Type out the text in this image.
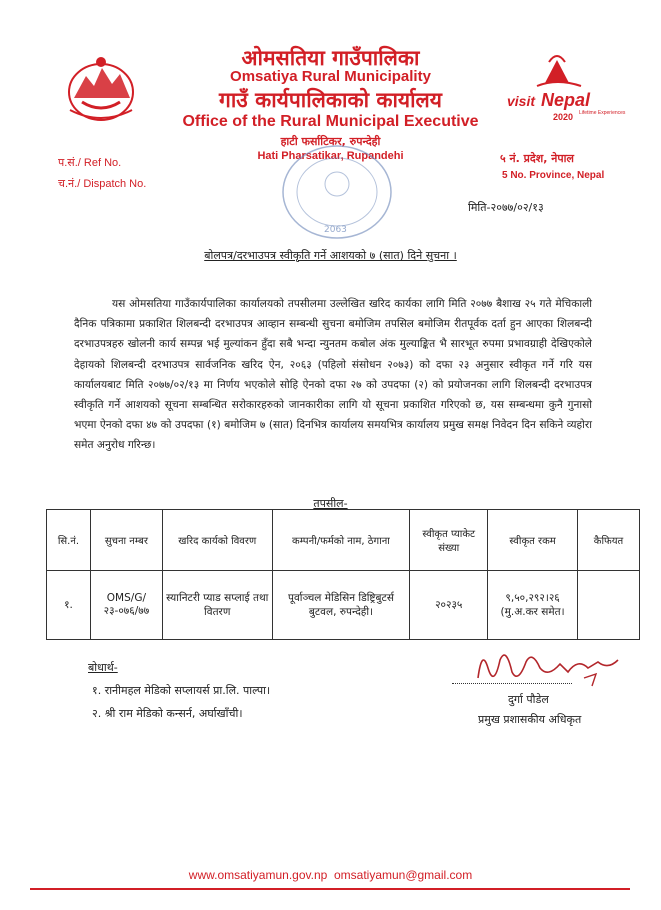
ओमसतिया गाउँपालिका
Omsatiya Rural Municipality
गाउँ कार्यपालिकाको कार्यालय
Office of the Rural Municipal Executive
हाटी फर्साटिकर, रुपन्देही
Hati Pharsatikar, Rupandehi
visit Nepal
2020 Lifetime Experiences
प.सं./ Ref No.
च.नं./ Dispatch No.
५ नं. प्रदेश, नेपाल
5 No. Province, Nepal
2063
मिति-२०७७/०२/१३
बोलपत्र/दरभाउपत्र स्वीकृति गर्ने आशयको ७ (सात) दिने सुचना ।
यस ओमसतिया गाउँकार्यपालिका कार्यालयको तपसीलमा उल्लेखित खरिद कार्यका लागि मिति २०७७ बैशाख २५ गते मेचिकाली दैनिक पत्रिकामा प्रकाशित शिलबन्दी दरभाउपत्र आव्हान सम्बन्धी सुचना बमोजिम तपसिल बमोजिम रीतपूर्वक दर्ता हुन आएका शिलबन्दी दरभाउपत्रहरु खोलनी कार्य सम्पन्न भई मुल्यांकन हुँदा सबै भन्दा न्युनतम कबोल अंक मुल्याङ्कित भै सारभूत रुपमा प्रभावग्राही देखिएकोले देहायको शिलबन्दी दरभाउपत्र सार्वजनिक खरिद ऐन, २०६३ (पहिलो संसोधन २०७३) को दफा २३ अनुसार स्वीकृत गर्ने गरि यस कार्यालयबाट मिति २०७७/०२/१३ मा निर्णय भएकोले सोहि ऐनको दफा २७ को उपदफा (२) को प्रयोजनका लागि शिलबन्दी दरभाउपत्र स्वीकृति गर्ने आशयको सूचना सम्बन्धित सरोकारहरुको जानकारीका लागि यो सूचना प्रकाशित गरिएको छ, यस सम्बन्धमा कुनै गुनासो भएमा ऐनको दफा ४७ को उपदफा (१) बमोजिम ७ (सात) दिनभित्र कार्यालय समयभित्र कार्यालय प्रमुख समक्ष निवेदन दिन सकिने व्यहोरा समेत अनुरोध गरिन्छ।
तपसील-
सि.नं.	सुचना नम्बर	खरिद कार्यको विवरण	कम्पनी/फर्मको नाम, ठेगाना	स्वीकृत प्याकेट संख्या	स्वीकृत रकम	कैफियत
१.	OMS/G/२३-०७६/७७	स्यानिटरी प्याड सप्लाई तथा वितरण	पूर्वाञ्चल मेडिसिन डिष्ट्रिबुटर्स बुटवल, रुपन्देही।	२०२३५	९,५०,२९२।२६ (मु.अ.कर समेत।	
बोधार्थ-
१. रानीमहल मेडिको सप्लायर्स प्रा.लि. पाल्पा।
२. श्री राम मेडिको कन्सर्न, अर्घाखाँची।
दुर्गा पौडेल
प्रमुख प्रशासकीय अधिकृत
www.omsatiyamun.gov.np omsatiyamun@gmail.com
